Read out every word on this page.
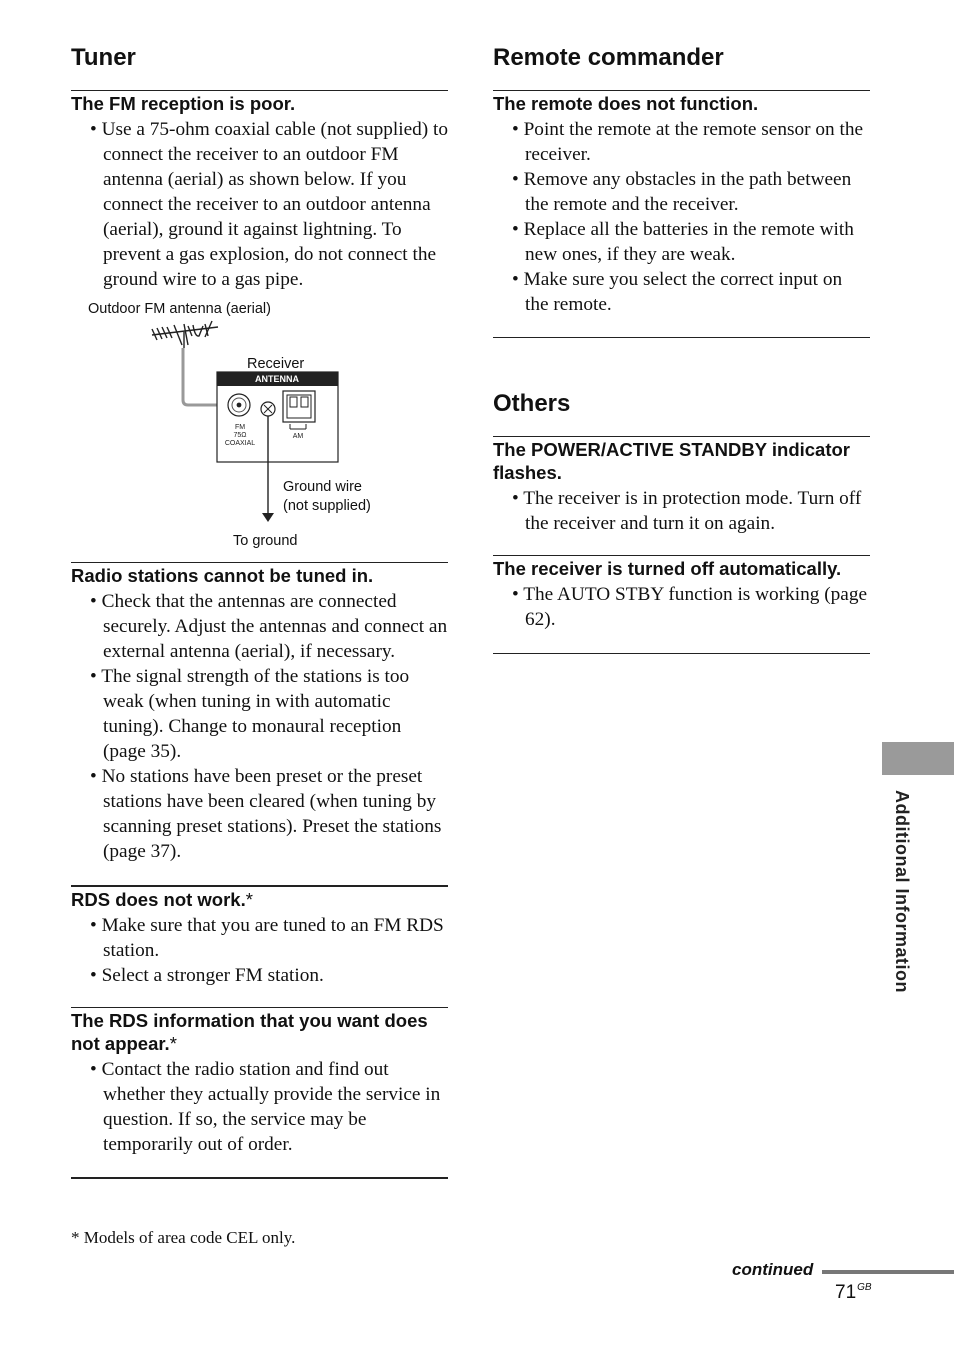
Tuner
The FM reception is poor.
• Use a 75-ohm coaxial cable (not supplied) to connect the receiver to an outdoor FM antenna (aerial) as shown below. If you connect the receiver to an outdoor antenna (aerial), ground it against lightning. To prevent a gas explosion, do not connect the ground wire to a gas pipe.
Outdoor FM antenna (aerial)
Receiver
Ground wire
(not supplied)
To ground
ANTENNA
FM
75Ω
COAXIAL
AM
Radio stations cannot be tuned in.
• Check that the antennas are connected securely. Adjust the antennas and connect an external antenna (aerial), if necessary.
• The signal strength of the stations is too weak (when tuning in with automatic tuning). Change to monaural reception (page 35).
• No stations have been preset or the preset stations have been cleared (when tuning by scanning preset stations). Preset the stations (page 37).
RDS does not work.*
• Make sure that you are tuned to an FM RDS station.
• Select a stronger FM station.
The RDS information that you want does not appear.*
• Contact the radio station and find out whether they actually provide the service in question. If so, the service may be temporarily out of order.
Remote commander
The remote does not function.
• Point the remote at the remote sensor on the receiver.
• Remove any obstacles in the path between the remote and the receiver.
• Replace all the batteries in the remote with new ones, if they are weak.
• Make sure you select the correct input on the remote.
Others
The POWER/ACTIVE STANDBY indicator flashes.
• The receiver is in protection mode. Turn off the receiver and turn it on again.
The receiver is turned off automatically.
• The AUTO STBY function is working (page 62).
* Models of area code CEL only.
Additional Information
continued
$71^{GB}$
